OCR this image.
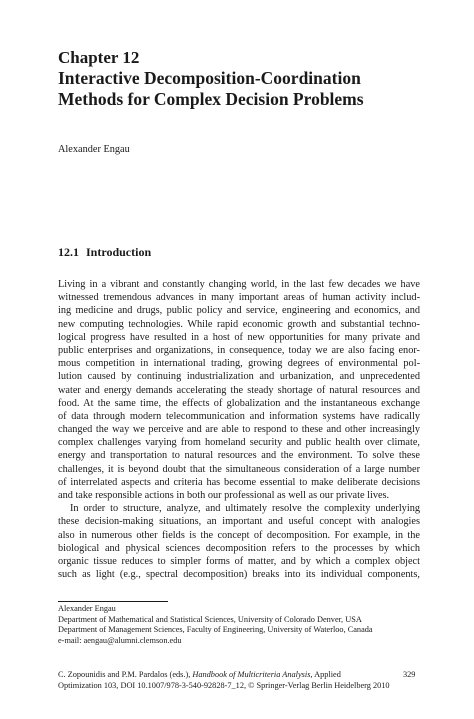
Chapter 12
Interactive Decomposition-Coordination
Methods for Complex Decision Problems
Alexander Engau
12.1 Introduction
Living in a vibrant and constantly changing world, in the last few decades we have
witnessed tremendous advances in many important areas of human activity includ-
ing medicine and drugs, public policy and service, engineering and economics, and
new computing technologies. While rapid economic growth and substantial techno-
logical progress have resulted in a host of new opportunities for many private and
public enterprises and organizations, in consequence, today we are also facing enor-
mous competition in international trading, growing degrees of environmental pol-
lution caused by continuing industrialization and urbanization, and unprecedented
water and energy demands accelerating the steady shortage of natural resources and
food. At the same time, the effects of globalization and the instantaneous exchange
of data through modern telecommunication and information systems have radically
changed the way we perceive and are able to respond to these and other increasingly
complex challenges varying from homeland security and public health over climate,
energy and transportation to natural resources and the environment. To solve these
challenges, it is beyond doubt that the simultaneous consideration of a large number
of interrelated aspects and criteria has become essential to make deliberate decisions
and take responsible actions in both our professional as well as our private lives.
In order to structure, analyze, and ultimately resolve the complexity underlying
these decision-making situations, an important and useful concept with analogies
also in numerous other fields is the concept of decomposition. For example, in the
biological and physical sciences decomposition refers to the processes by which
organic tissue reduces to simpler forms of matter, and by which a complex object
such as light (e.g., spectral decomposition) breaks into its individual components,
Alexander Engau
Department of Mathematical and Statistical Sciences, University of Colorado Denver, USA
Department of Management Sciences, Faculty of Engineering, University of Waterloo, Canada
e-mail: aengau@alumni.clemson.edu
C. Zopounidis and P.M. Pardalos (eds.), Handbook of Multicriteria Analysis, Applied
Optimization 103, DOI 10.1007/978-3-540-92828-7_12, © Springer-Verlag Berlin Heidelberg 2010
329
